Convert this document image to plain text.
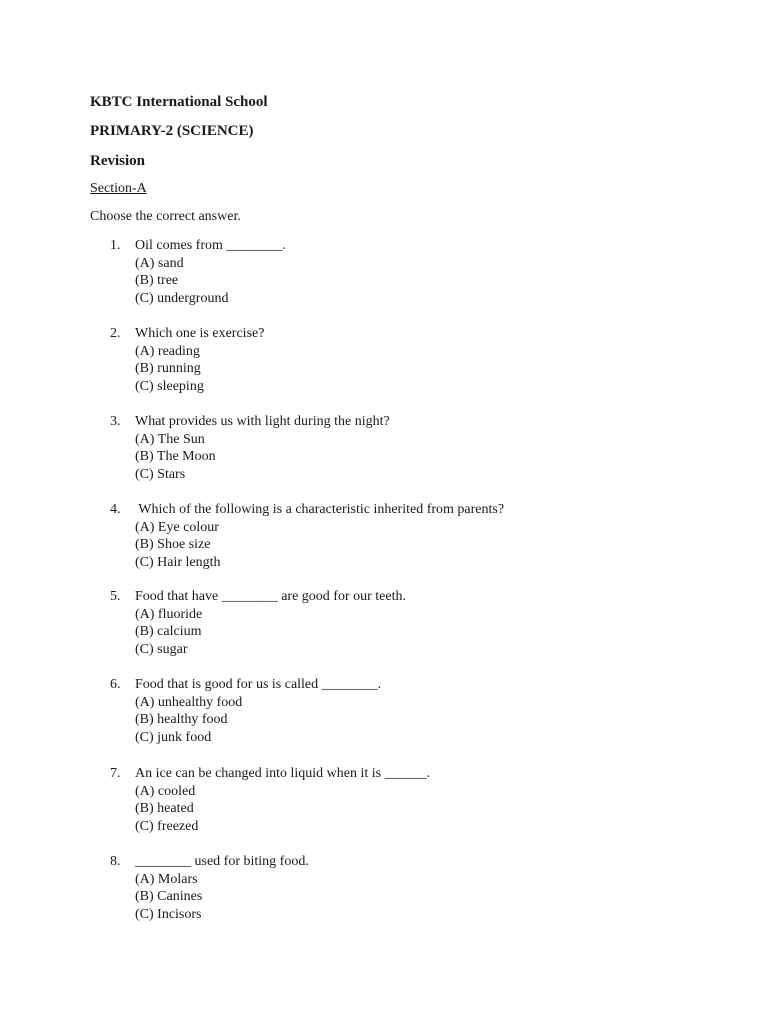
KBTC International School
PRIMARY-2 (SCIENCE)
Revision
Section-A
Choose the correct answer.
1.	Oil comes from ________.
(A) sand
(B) tree
(C) underground
2.	Which one is exercise?
(A) reading
(B) running
(C) sleeping
3.	What provides us with light during the night?
(A) The Sun
(B) The Moon
(C) Stars
4.	Which of the following is a characteristic inherited from parents?
(A) Eye colour
(B) Shoe size
(C) Hair length
5.	Food that have ________ are good for our teeth.
(A) fluoride
(B) calcium
(C) sugar
6.	Food that is good for us is called ________.
(A) unhealthy food
(B) healthy food
(C) junk food
7.	An ice can be changed into liquid when it is ______.
(A) cooled
(B) heated
(C) freezed
8.	________ used for biting food.
(A) Molars
(B) Canines
(C) Incisors
